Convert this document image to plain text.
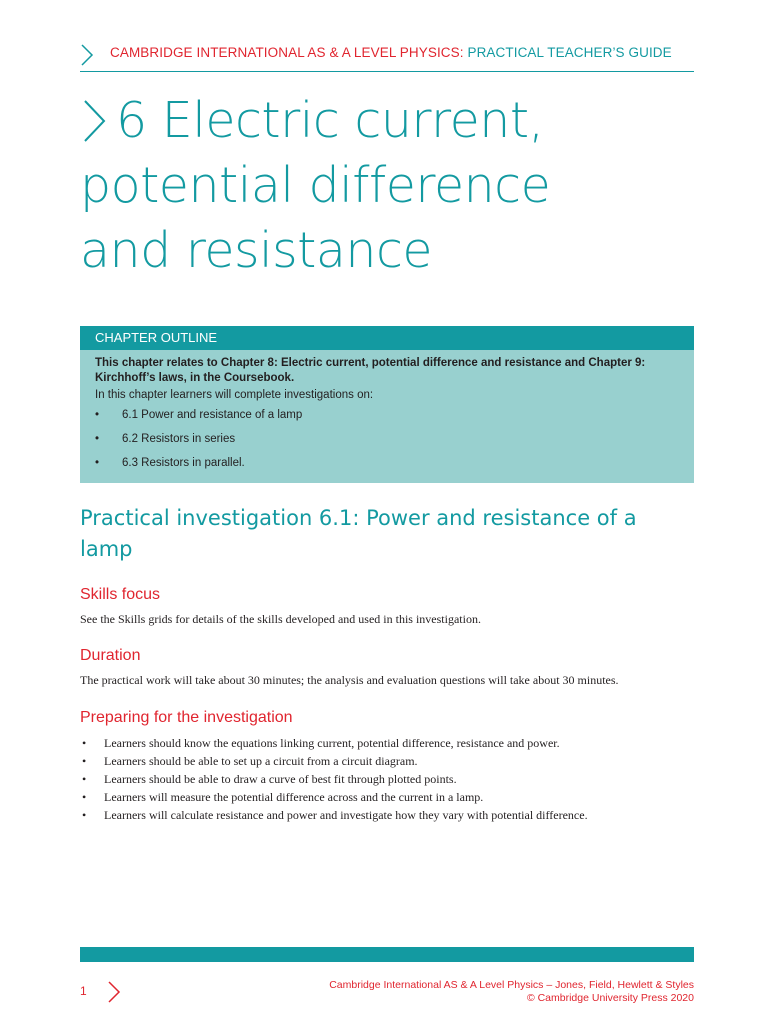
CAMBRIDGE INTERNATIONAL AS & A LEVEL PHYSICS: PRACTICAL TEACHER’S GUIDE
6 Electric current,
potential difference
and resistance
CHAPTER OUTLINE
This chapter relates to Chapter 8: Electric current, potential difference and resistance and Chapter 9: Kirchhoff’s laws, in the Coursebook.
In this chapter learners will complete investigations on:
• 6.1 Power and resistance of a lamp
• 6.2 Resistors in series
• 6.3 Resistors in parallel.
Practical investigation 6.1: Power and resistance of a lamp
Skills focus

See the Skills grids for details of the skills developed and used in this investigation.

Duration

The practical work will take about 30 minutes; the analysis and evaluation questions will take about 30 minutes.

Preparing for the investigation
• Learners should know the equations linking current, potential difference, resistance and power.
• Learners should be able to set up a circuit from a circuit diagram.
• Learners should be able to draw a curve of best fit through plotted points.
• Learners will measure the potential difference across and the current in a lamp.
• Learners will calculate resistance and power and investigate how they vary with potential difference.
1	Cambridge International AS & A Level Physics – Jones, Field, Hewlett & Styles
© Cambridge University Press 2020
